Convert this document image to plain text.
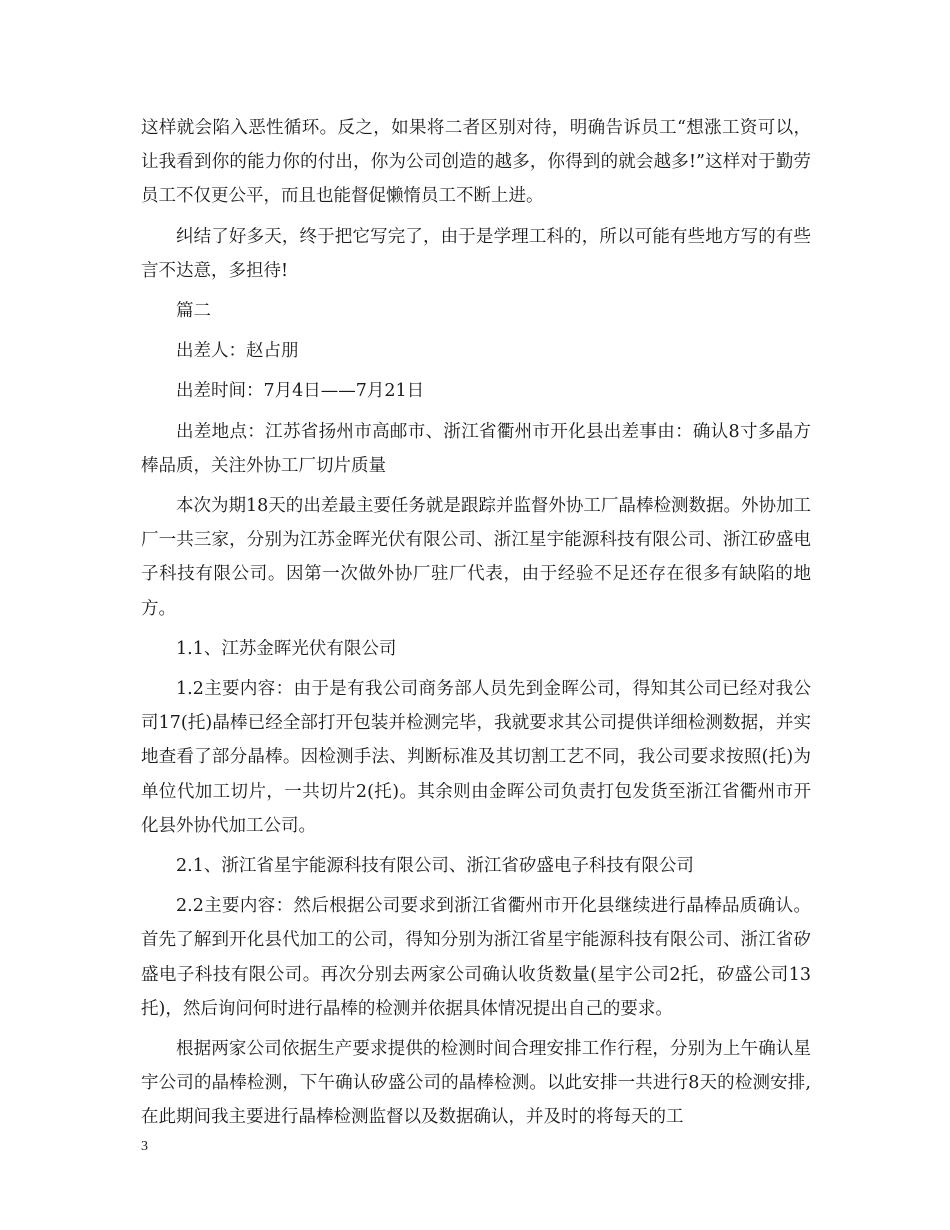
这样就会陷入恶性循环。反之，如果将二者区别对待，明确告诉员工“想涨工资可以，让我看到你的能力你的付出，你为公司创造的越多，你得到的就会越多!”这样对于勤劳员工不仅更公平，而且也能督促懒惰员工不断上进。

纠结了好多天，终于把它写完了，由于是学理工科的，所以可能有些地方写的有些言不达意，多担待!

篇二

出差人：赵占朋

出差时间：7月4日——7月21日

出差地点：江苏省扬州市高邮市、浙江省衢州市开化县出差事由：确认8寸多晶方棒品质，关注外协工厂切片质量

本次为期18天的出差最主要任务就是跟踪并监督外协工厂晶棒检测数据。外协加工厂一共三家，分别为江苏金晖光伏有限公司、浙江星宇能源科技有限公司、浙江矽盛电子科技有限公司。因第一次做外协厂驻厂代表，由于经验不足还存在很多有缺陷的地方。

1.1、江苏金晖光伏有限公司

1.2主要内容：由于是有我公司商务部人员先到金晖公司，得知其公司已经对我公司17(托)晶棒已经全部打开包装并检测完毕，我就要求其公司提供详细检测数据，并实地查看了部分晶棒。因检测手法、判断标准及其切割工艺不同，我公司要求按照(托)为单位代加工切片，一共切片2(托)。其余则由金晖公司负责打包发货至浙江省衢州市开化县外协代加工公司。

2.1、浙江省星宇能源科技有限公司、浙江省矽盛电子科技有限公司

2.2主要内容：然后根据公司要求到浙江省衢州市开化县继续进行晶棒品质确认。首先了解到开化县代加工的公司，得知分别为浙江省星宇能源科技有限公司、浙江省矽盛电子科技有限公司。再次分别去两家公司确认收货数量(星宇公司2托，矽盛公司13托)，然后询问何时进行晶棒的检测并依据具体情况提出自己的要求。

根据两家公司依据生产要求提供的检测时间合理安排工作行程，分别为上午确认星宇公司的晶棒检测，下午确认矽盛公司的晶棒检测。以此安排一共进行8天的检测安排,在此期间我主要进行晶棒检测监督以及数据确认，并及时的将每天的工

3
